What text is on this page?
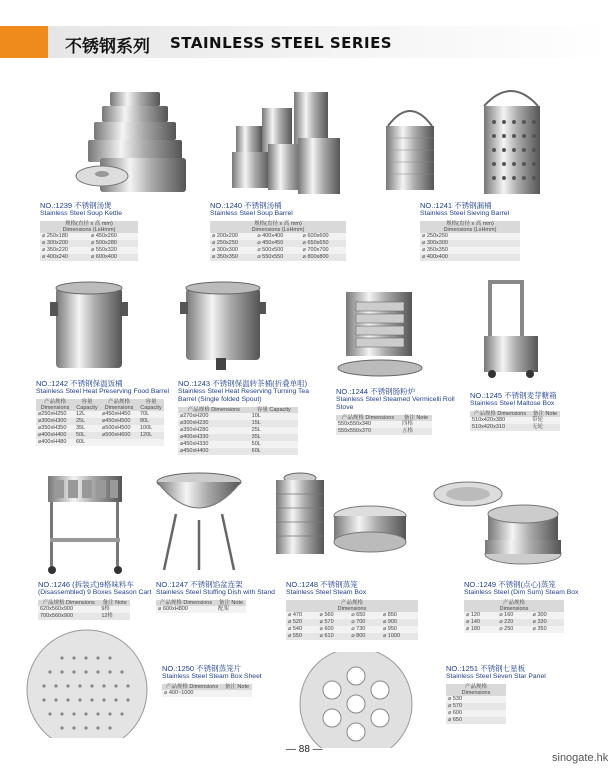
不锈钢系列 STAINLESS STEEL SERIES
NO.:1239 不锈钢汤煲
Stainless Steel Soup Kettle
规格(直径 x 高 mm)	
Dimensions (LxHmm)	
⌀ 250x180	⌀ 450x260
⌀ 300x200	⌀ 500x280
⌀ 350x220	⌀ 550x320
⌀ 400x240	⌀ 600x400
NO.:1240 不锈钢汤桶
Stainless Steel Soup Barrel
规格(直径 x 高 mm)		
Dimensions (LxHmm)		
⌀ 200x200	⌀ 400x400	⌀ 600x600
⌀ 250x250	⌀ 450x450	⌀ 650x650
⌀ 300x300	⌀ 500x500	⌀ 700x700
⌀ 350x350	⌀ 550x550	⌀ 800x800
NO.:1241 不锈钢漏桶
Stainless Steel Sieving Barrel
规格(直径 x 高 mm)
Dimensions (LxHmm)
⌀ 250x250
⌀ 300x300
⌀ 350x350
⌀ 400x400
NO.:1242 不锈钢保温饭桶
Stainless Steel Heat Preserving Food Barrel
产品规格 Dimensions	容量 Capacity	产品规格 Dimensions	容量 Capacity
⌀250xH250	12L	⌀450xH450	70L
⌀300xH300	25L	⌀450xH500	80L
⌀350xH350	35L	⌀500xH500	100L
⌀400xH400	50L	⌀500xH600	120L
⌀400xH480	60L		
NO.:1243 不锈钢保温转茶桶(折叠单咀)
Stainless Steel Heat Reserving Turning Tea Barrel (Single folded Spout)
产品规格 Dimensions	容量 Capacity
⌀270xH200	10L
⌀300xH230	15L
⌀350xH280	25L
⌀400xH330	35L
⌀450xH330	50L
⌀450xH400	60L
NO.:1244 不锈钢肠粉炉
Stainless Steel Steamed Vermicelli Roll Stove
产品规格 Dimensions	备注 Note
550x550x340	四格
550x550x370	五格
NO.:1245 不锈钢麦芽糖箱
Stainless Steel Maltose Box
产品规格 Dimensions	备注 Note
510x420x380	带轮
510x420x310	无轮
NO.:1246 (拆装式)9格味料车
(Disassembled) 9 Boxes Season Cart
产品规格 Dimensions	备注 Note
620x560x900	9格
700x560x900	12格
NO.:1247 不锈钢馅盆连架
Stainless Steel Stuffing Dish with Stand
产品规格 Dimensions	备注 Note
⌀ 600xH800	配架
NO.:1248 不锈钢蒸笼
Stainless Steel Steam Box
产品规格			
Dimensions			
⌀ 470	⌀ 560	⌀ 650	⌀ 850
⌀ 520	⌀ 570	⌀ 700	⌀ 900
⌀ 540	⌀ 600	⌀ 730	⌀ 950
⌀ 550	⌀ 610	⌀ 800	⌀ 1000
NO.:1249 不锈钢(点心)蒸笼
Stainless Steel (Dim Sum) Steam Box
产品规格		
Dimensions		
⌀ 120	⌀ 160	⌀ 300
⌀ 140	⌀ 220	⌀ 330
⌀ 180	⌀ 250	⌀ 350
NO.:1250 不锈钢蒸笼片
Stainless Steel Steam Box Sheet
产品规格 Dimensions	备注 Note
⌀ 400~1000	
NO.:1251 不锈钢七星板
Stainless Steel Seven Star Panel
产品规格
Dimensions
⌀ 530
⌀ 570
⌀ 600
⌀ 650
— 88 —
sinogate.hk
